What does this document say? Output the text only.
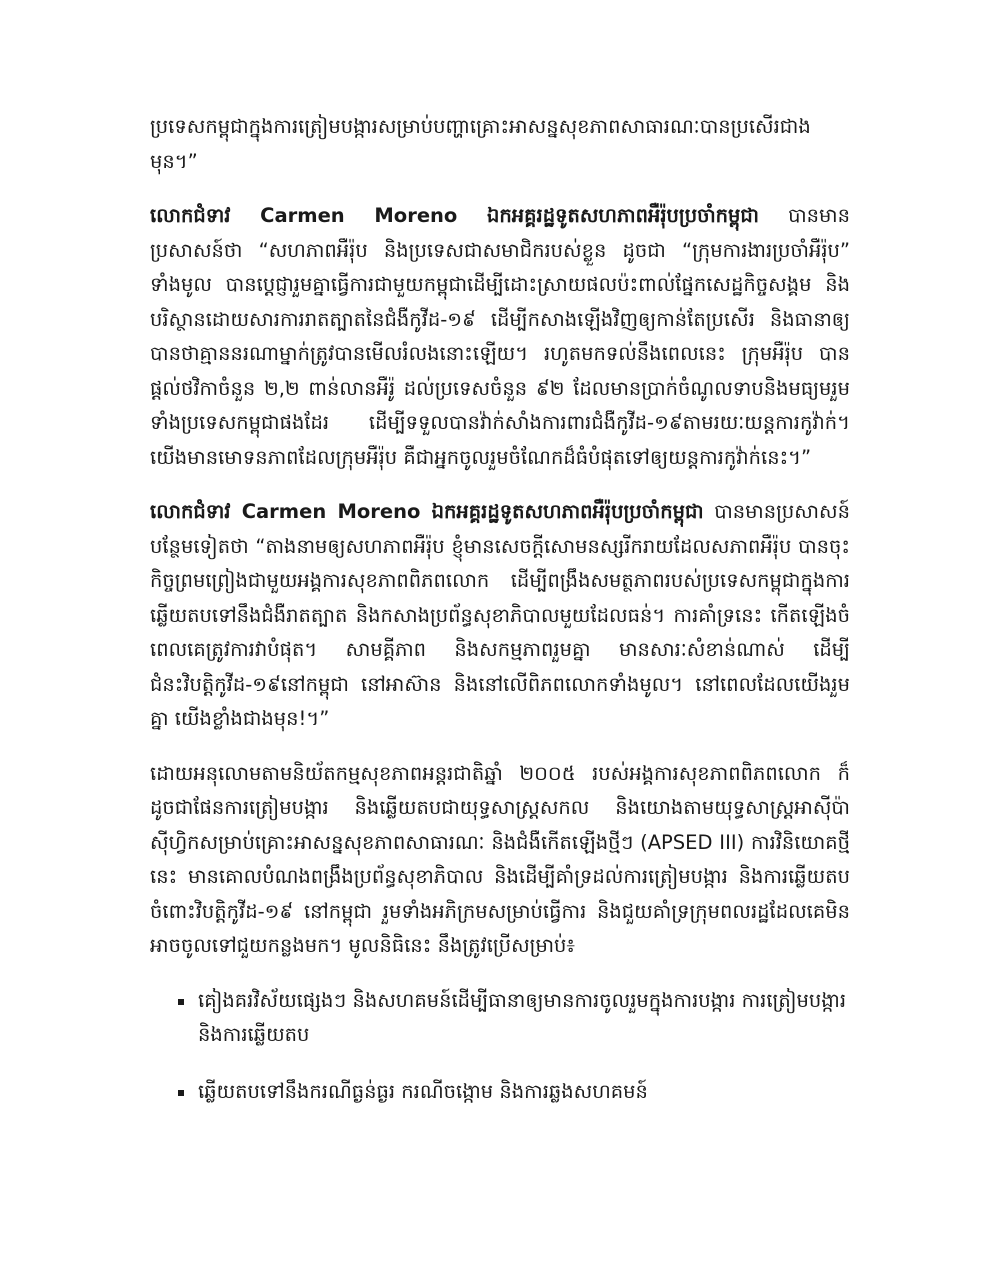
ប្រទេសកម្ពុជាក្នុងការត្រៀមបង្ការសម្រាប់បញ្ហាគ្រោះអាសន្នសុខភាពសាធារណៈបានប្រសើរជាងមុន។”

លោកជំទាវ Carmen Moreno ឯកអគ្គរដ្ឋទូតសហភាពអឺរ៉ុបប្រចាំកម្ពុជា បានមានប្រសាសន៍ថា “សហភាពអឺរ៉ុប និងប្រទេសជាសមាជិករបស់ខ្លួន ដូចជា “ក្រុមការងារប្រចាំអឺរ៉ុប” ទាំងមូល បានប្តេជ្ញារួមគ្នាធ្វើការជាមួយកម្ពុជាដើម្បីដោះស្រាយផលប៉ះពាល់ផ្នែកសេដ្ឋកិច្ចសង្គម និងបរិស្ថានដោយសារការរាតត្បាតនៃជំងឺកូវីដ-១៩ ដើម្បីកសាងឡើងវិញឲ្យកាន់តែប្រសើរ និងធានាឲ្យបានថាគ្មាននរណាម្នាក់ត្រូវបានមើលរំលងនោះឡើយ។ រហូតមកទល់នឹងពេលនេះ ក្រុមអឺរ៉ុប បានផ្តល់ថវិកាចំនួន ២,២ ពាន់លានអឺរ៉ូ ដល់ប្រទេសចំនួន ៩២ ដែលមានប្រាក់ចំណូលទាបនិងមធ្យមរួមទាំងប្រទេសកម្ពុជាផងដែរ ដើម្បីទទួលបានវ៉ាក់សាំងការពារជំងឺកូវីដ-១៩តាមរយៈយន្តការកូវ៉ាក់។ យើងមានមោទនភាពដែលក្រុមអឺរ៉ុប គឺជាអ្នកចូលរួមចំណែកដ៏ធំបំផុតទៅឲ្យយន្តការកូវ៉ាក់នេះ។”

លោកជំទាវ Carmen Moreno ឯកអគ្គរដ្ឋទូតសហភាពអឺរ៉ុបប្រចាំកម្ពុជា បានមានប្រសាសន៍បន្ថែមទៀតថា “តាងនាមឲ្យសហភាពអឺរ៉ុប ខ្ញុំមានសេចក្តីសោមនស្សរីករាយដែលសភាពអឺរ៉ុប បានចុះកិច្ចព្រមព្រៀងជាមួយអង្គការសុខភាពពិភពលោក ដើម្បីពង្រឹងសមត្ថភាពរបស់ប្រទេសកម្ពុជាក្នុងការឆ្លើយតបទៅនឹងជំងឺរាតត្បាត និងកសាងប្រព័ន្ធសុខាភិបាលមួយដែលធន់។ ការគាំទ្រនេះ កើតឡើងចំពេលគេត្រូវការវាបំផុត។ សាមគ្គីភាព និងសកម្មភាពរួមគ្នា មានសារៈសំខាន់ណាស់ ដើម្បីជំនះវិបត្តិកូវីដ-១៩នៅកម្ពុជា នៅអាស៊ាន និងនៅលើពិភពលោកទាំងមូល។ នៅពេលដែលយើងរួមគ្នា យើងខ្លាំងជាងមុន!។”

ដោយអនុលោមតាមនិយ័តកម្មសុខភាពអន្តរជាតិឆ្នាំ ២០០៥ របស់អង្គការសុខភាពពិភពលោក ក៏ដូចជាផែនការត្រៀមបង្ការ និងឆ្លើយតបជាយុទ្ធសាស្ត្រសកល និងយោងតាមយុទ្ធសាស្ត្រអាស៊ីប៉ាស៊ីហ្វិកសម្រាប់គ្រោះអាសន្នសុខភាពសាធារណៈ និងជំងឺកើតឡើងថ្មីៗ (APSED III) ការវិនិយោគថ្មីនេះ មានគោលបំណងពង្រឹងប្រព័ន្ធសុខាភិបាល និងដើម្បីគាំទ្រដល់ការត្រៀមបង្ការ និងការឆ្លើយតបចំពោះវិបត្តិកូវីដ-១៩ នៅកម្ពុជា រួមទាំងអភិក្រមសម្រាប់ធ្វើការ និងជួយគាំទ្រក្រុមពលរដ្ឋដែលគេមិនអាចចូលទៅជួយកន្លងមក។ មូលនិធិនេះ នឹងត្រូវប្រើសម្រាប់៖

គៀងគរវិស័យផ្សេងៗ និងសហគមន៍ដើម្បីធានាឲ្យមានការចូលរួមក្នុងការបង្ការ ការត្រៀមបង្ការ និងការឆ្លើយតប
ឆ្លើយតបទៅនឹងករណីធ្ងន់ធ្ងរ ករណីចង្កោម និងការឆ្លងសហគមន៍
